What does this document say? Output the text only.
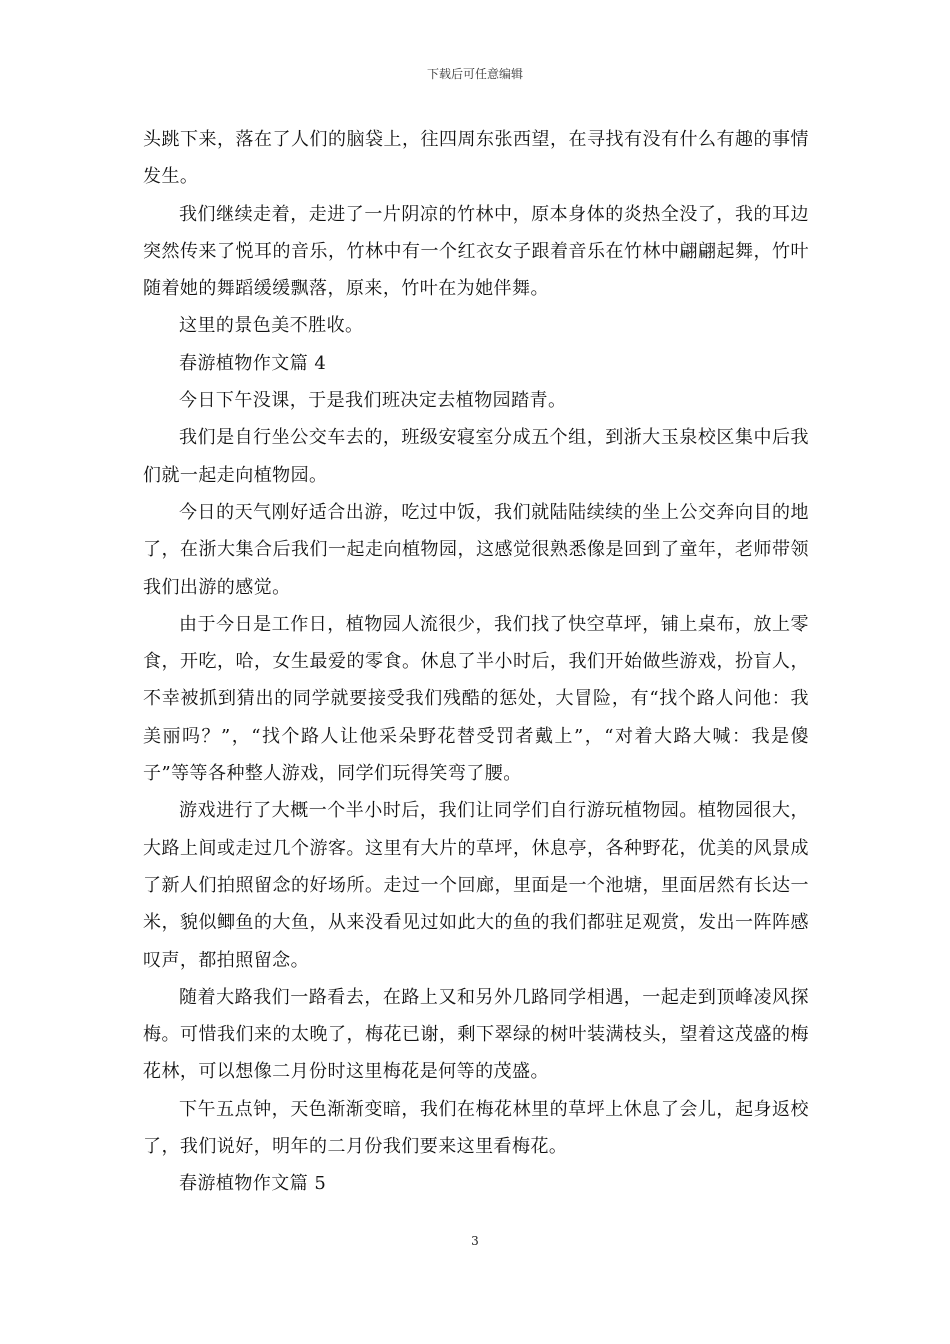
下载后可任意编辑

头跳下来，落在了人们的脑袋上，往四周东张西望，在寻找有没有什么有趣的事情发生。

我们继续走着，走进了一片阴凉的竹林中，原本身体的炎热全没了，我的耳边突然传来了悦耳的音乐，竹林中有一个红衣女子跟着音乐在竹林中翩翩起舞，竹叶随着她的舞蹈缓缓飘落，原来，竹叶在为她伴舞。

这里的景色美不胜收。

春游植物作文篇 4

今日下午没课，于是我们班决定去植物园踏青。

我们是自行坐公交车去的，班级安寝室分成五个组，到浙大玉泉校区集中后我们就一起走向植物园。

今日的天气刚好适合出游，吃过中饭，我们就陆陆续续的坐上公交奔向目的地了，在浙大集合后我们一起走向植物园，这感觉很熟悉像是回到了童年，老师带领我们出游的感觉。

由于今日是工作日，植物园人流很少，我们找了快空草坪，铺上桌布，放上零食，开吃，哈，女生最爱的零食。休息了半小时后，我们开始做些游戏，扮盲人，不幸被抓到猜出的同学就要接受我们残酷的惩处，大冒险，有“找个路人问他：我美丽吗？”，“找个路人让他采朵野花替受罚者戴上”，“对着大路大喊：我是傻子”等等各种整人游戏，同学们玩得笑弯了腰。

游戏进行了大概一个半小时后，我们让同学们自行游玩植物园。植物园很大，大路上间或走过几个游客。这里有大片的草坪，休息亭，各种野花，优美的风景成了新人们拍照留念的好场所。走过一个回廊，里面是一个池塘，里面居然有长达一米，貌似鲫鱼的大鱼，从来没看见过如此大的鱼的我们都驻足观赏，发出一阵阵感叹声，都拍照留念。

随着大路我们一路看去，在路上又和另外几路同学相遇，一起走到顶峰凌风探梅。可惜我们来的太晚了，梅花已谢，剩下翠绿的树叶装满枝头，望着这茂盛的梅花林，可以想像二月份时这里梅花是何等的茂盛。

下午五点钟，天色渐渐变暗，我们在梅花林里的草坪上休息了会儿，起身返校了，我们说好，明年的二月份我们要来这里看梅花。

春游植物作文篇 5

3
